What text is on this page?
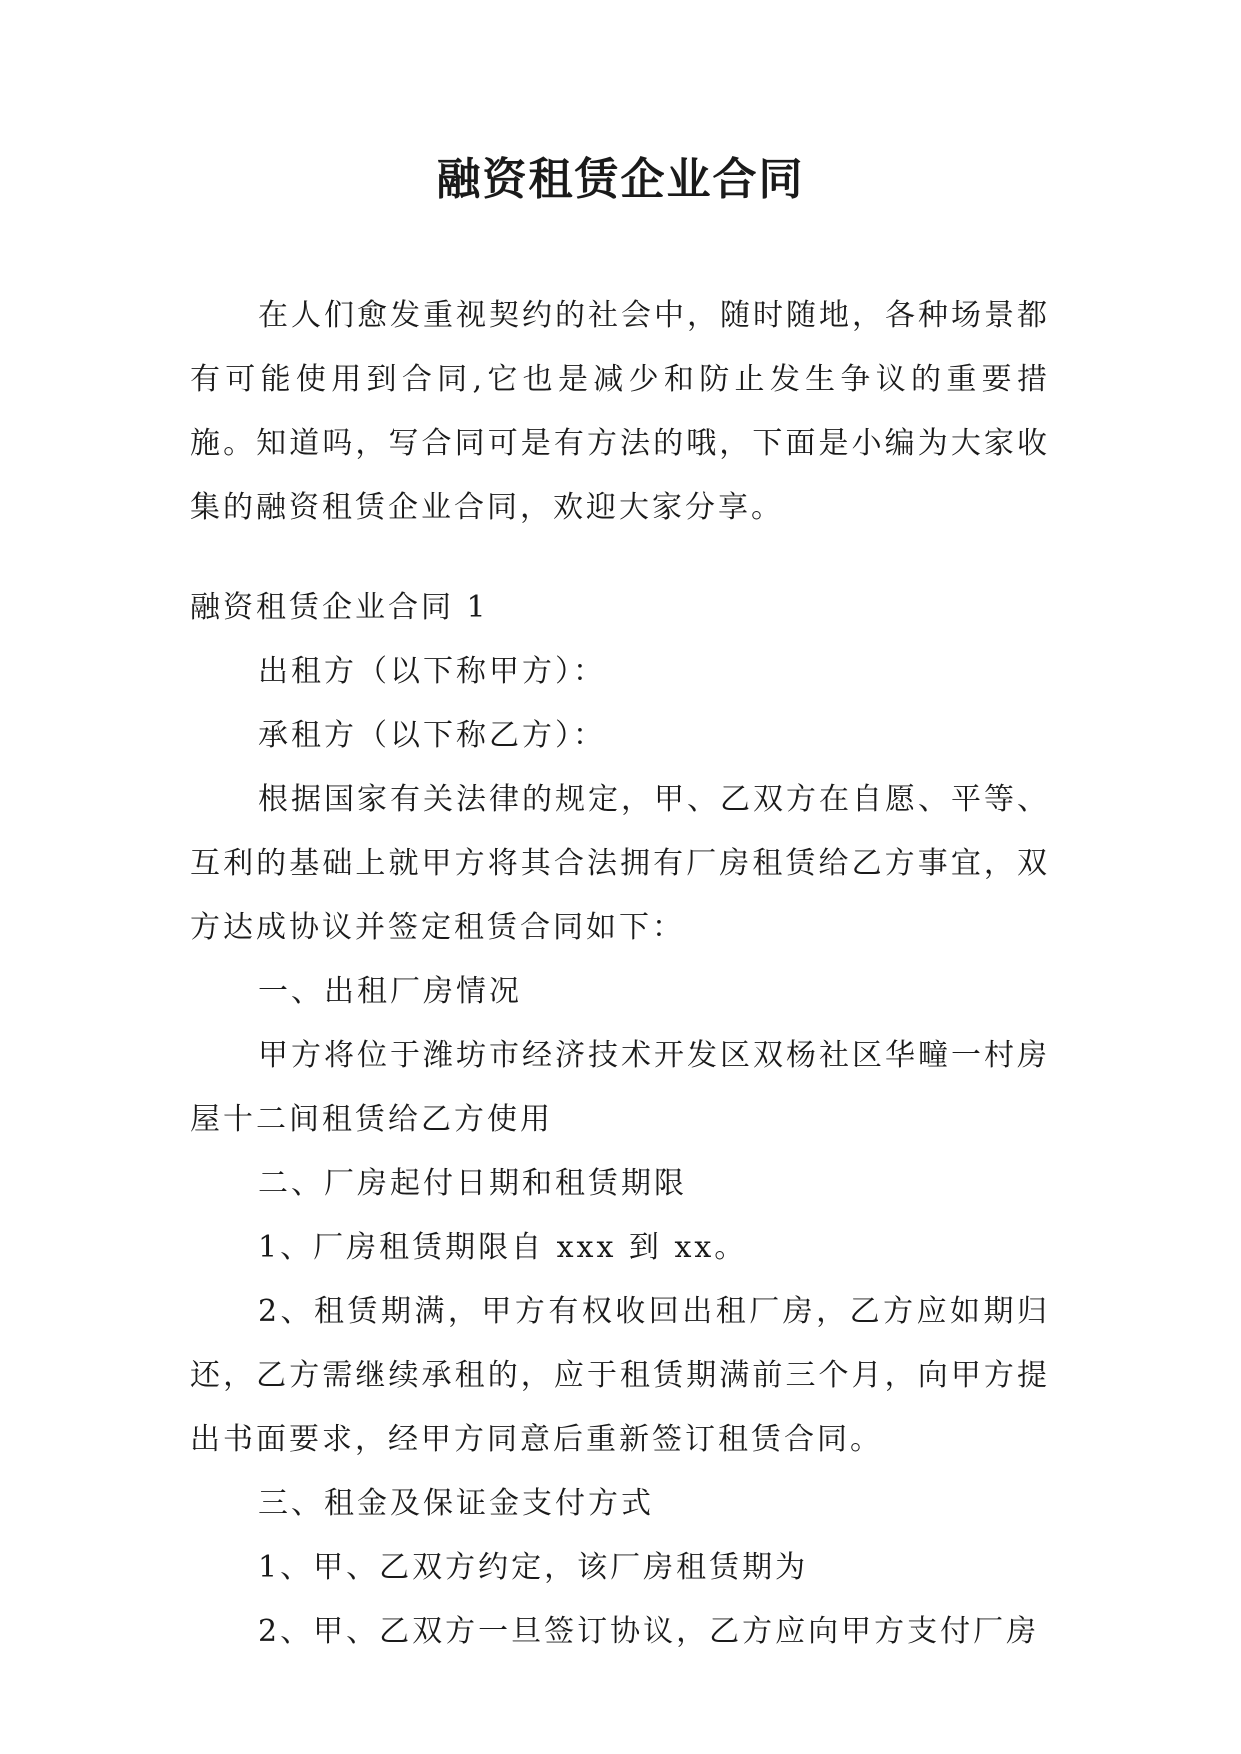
融资租赁企业合同

在人们愈发重视契约的社会中，随时随地，各种场景都有可能使用到合同,它也是减少和防止发生争议的重要措施。知道吗，写合同可是有方法的哦，下面是小编为大家收集的融资租赁企业合同，欢迎大家分享。

融资租赁企业合同 1

出租方（以下称甲方）：

承租方（以下称乙方）：

根据国家有关法律的规定，甲、乙双方在自愿、平等、互利的基础上就甲方将其合法拥有厂房租赁给乙方事宜，双方达成协议并签定租赁合同如下：

一、出租厂房情况

甲方将位于潍坊市经济技术开发区双杨社区华疃一村房屋十二间租赁给乙方使用

二、厂房起付日期和租赁期限

1、厂房租赁期限自 xxx 到 xx。

2、租赁期满，甲方有权收回出租厂房，乙方应如期归还，乙方需继续承租的，应于租赁期满前三个月，向甲方提出书面要求，经甲方同意后重新签订租赁合同。

三、租金及保证金支付方式

1、甲、乙双方约定，该厂房租赁期为

2、甲、乙双方一旦签订协议，乙方应向甲方支付厂房
